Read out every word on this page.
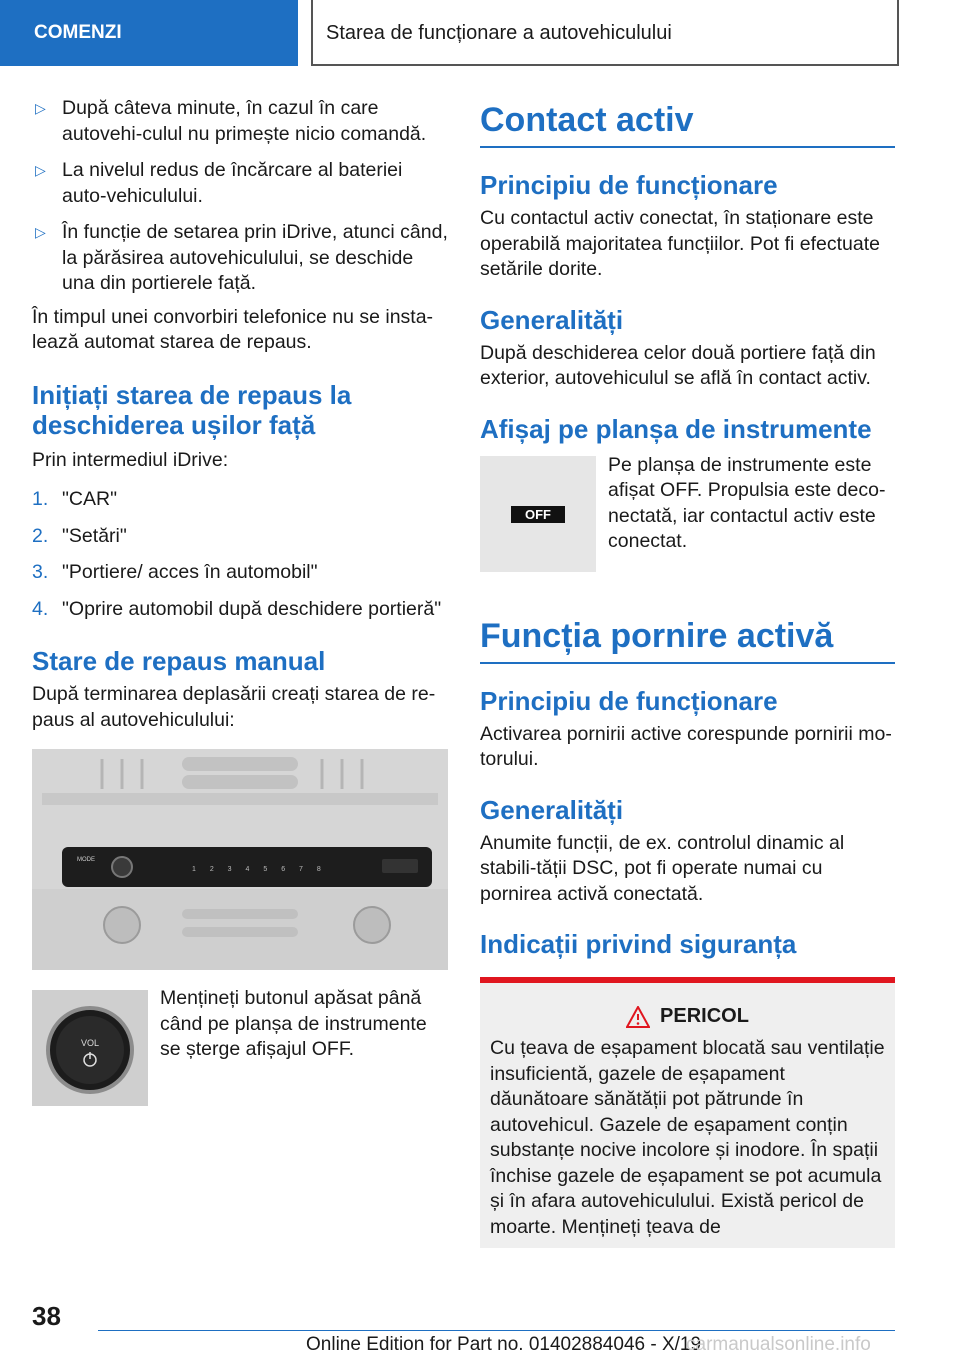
COMENZI	Starea de funcționare a autovehiculului
▷ După câteva minute, în cazul în care autovehi-culul nu primește nicio comandă.
▷ La nivelul redus de încărcare al bateriei auto-vehiculului.
▷ În funcție de setarea prin iDrive, atunci când, la părăsirea autovehiculului, se deschide una din portierele față.

În timpul unei convorbiri telefonice nu se insta-lează automat starea de repaus.

Inițiați starea de repaus la deschiderea ușilor față

Prin intermediul iDrive:

1. "CAR"
2. "Setări"
3. "Portiere/ acces în automobil"
4. "Oprire automobil după deschidere portieră"
Stare de repaus manual

După terminarea deplasării creați starea de re-paus al autovehiculului:

MODE
1 2 3 4 5 6 7 8
VOL

Mențineți butonul apăsat până când pe planșa de instrumente se șterge afișajul OFF.

Contact activ
Principiu de funcționare

Cu contactul activ conectat, în staționare este operabilă majoritatea funcțiilor. Pot fi efectuate setările dorite.

Generalități

După deschiderea celor două portiere față din exterior, autovehiculul se află în contact activ.

Afișaj pe planșa de instrumente
OFF

Pe planșa de instrumente este afișat OFF. Propulsia este deco-nectată, iar contactul activ este conectat.

Funcția pornire activă
Principiu de funcționare

Activarea pornirii active corespunde pornirii mo-torului.

Generalități

Anumite funcții, de ex. controlul dinamic al stabili-tății DSC, pot fi operate numai cu pornirea activă conectată.

Indicații privind siguranța
PERICOL

Cu țeava de eșapament blocată sau ventilație insuficientă, gazele de eșapament dăunătoare sănătății pot pătrunde în autovehicul. Gazele de eșapament conțin substanțe nocive incolore și inodore. În spații închise gazele de eșapament se pot acumula și în afara autovehiculului. Există pericol de moarte. Mențineți țeava de

38
Online Edition for Part no. 01402884046 - X/19
carmanualsonline.info
